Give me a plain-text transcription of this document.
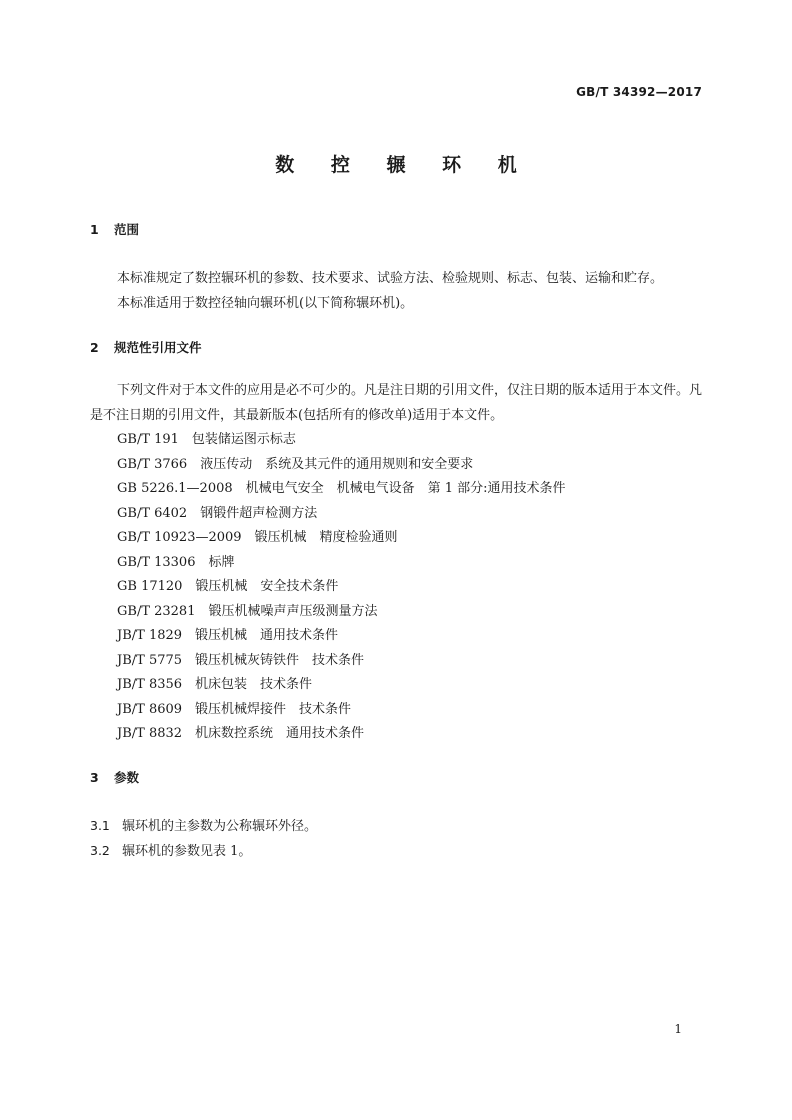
GB/T 34392—2017
数 控 辗 环 机
1 范围
本标准规定了数控辗环机的参数、技术要求、试验方法、检验规则、标志、包装、运输和贮存。
本标准适用于数控径轴向辗环机(以下简称辗环机)。
2 规范性引用文件
下列文件对于本文件的应用是必不可少的。凡是注日期的引用文件，仅注日期的版本适用于本文件。凡是不注日期的引用文件，其最新版本(包括所有的修改单)适用于本文件。
GB/T 191　包装储运图示标志
GB/T 3766　液压传动　系统及其元件的通用规则和安全要求
GB 5226.1—2008　机械电气安全　机械电气设备　第 1 部分:通用技术条件
GB/T 6402　钢锻件超声检测方法
GB/T 10923—2009　锻压机械　精度检验通则
GB/T 13306　标牌
GB 17120　锻压机械　安全技术条件
GB/T 23281　锻压机械噪声声压级测量方法
JB/T 1829　锻压机械　通用技术条件
JB/T 5775　锻压机械灰铸铁件　技术条件
JB/T 8356　机床包装　技术条件
JB/T 8609　锻压机械焊接件　技术条件
JB/T 8832　机床数控系统　通用技术条件
3 参数
3.1 辗环机的主参数为公称辗环外径。
3.2 辗环机的参数见表 1。
1
